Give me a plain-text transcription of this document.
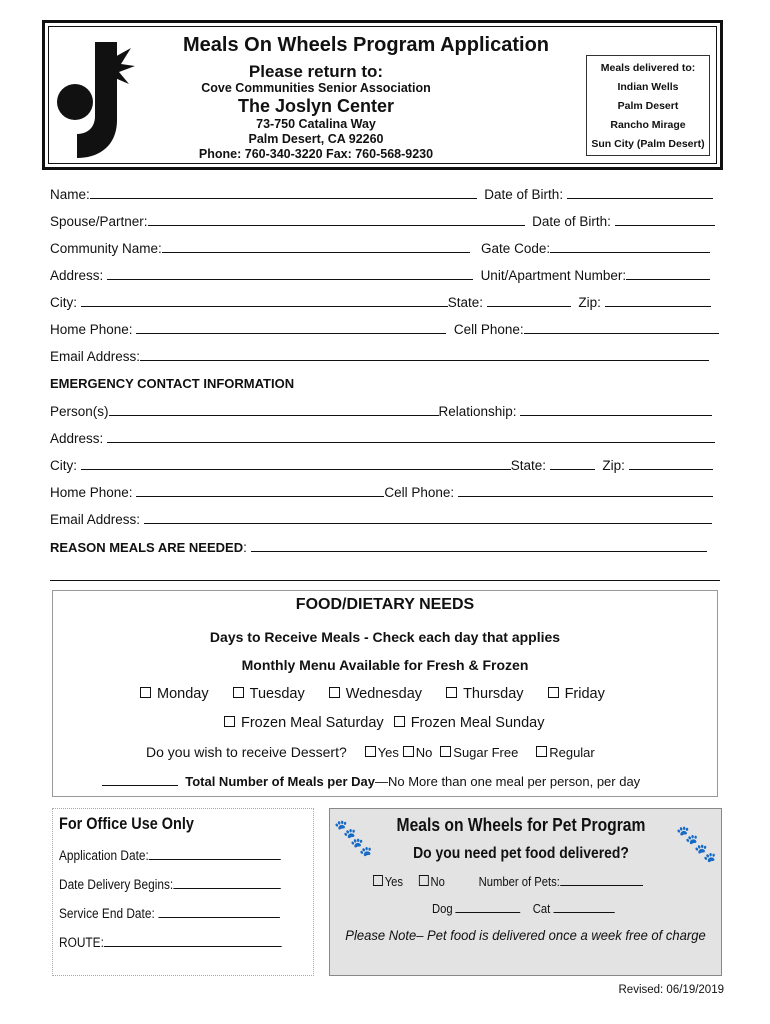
Meals On Wheels Program Application
Please return to:
Cove Communities Senior Association
The Joslyn Center
73-750 Catalina Way
Palm Desert, CA 92260
Phone: 760-340-3220 Fax: 760-568-9230
Meals delivered to:
Indian Wells
Palm Desert
Rancho Mirage
Sun City (Palm Desert)
Name:	Date of Birth:
Spouse/Partner:	Date of Birth:
Community Name:	Gate Code:
Address:	Unit/Apartment Number:
City:	State:	Zip:
Home Phone:	Cell Phone:
Email Address:
EMERGENCY CONTACT INFORMATION
Person(s)	Relationship:
Address:
City:	State:	Zip:
Home Phone:	Cell Phone:
Email Address:
REASON MEALS ARE NEEDED:
FOOD/DIETARY NEEDS
Days to Receive Meals - Check each day that applies
Monthly Menu Available for Fresh & Frozen
Monday	Tuesday	Wednesday	Thursday	Friday
Frozen Meal Saturday Frozen Meal Sunday
Do you wish to receive Dessert? Yes No Sugar Free Regular
Total Number of Meals per Day—No More than one meal per person, per day
For Office Use Only
Application Date:
Date Delivery Begins:
Service End Date:
ROUTE:
🐾
🐾
🐾
🐾
Meals on Wheels for Pet Program
Do you need pet food delivered?
Yes No	Number of Pets:
Dog	Cat
Please Note– Pet food is delivered once a week free of charge
Revised: 06/19/2019
